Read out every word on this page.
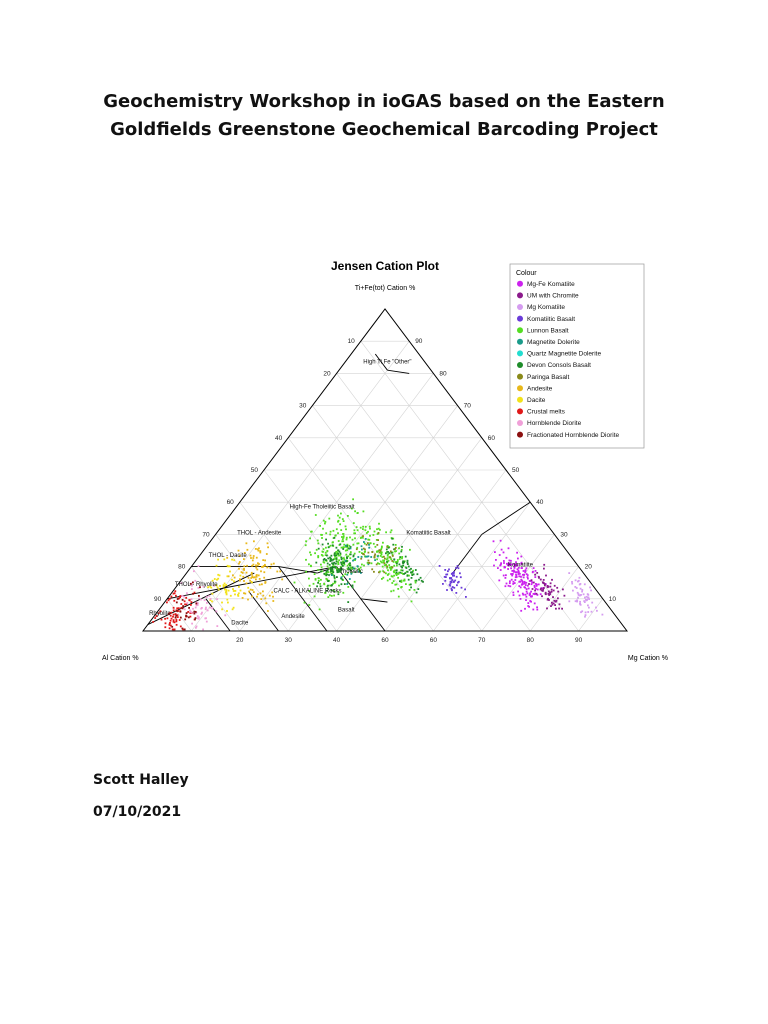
Geochemistry Workshop in ioGAS based on the Eastern
Goldfields Greenstone Geochemical Barcoding Project
Jensen Cation Plot
Ti+Fe(tot) Cation %
10
10
20
20
30
30
40
40
50	50
60
60
70
70
80
80
90
90
10	20	30	40	60	60	70	80	90
High Ti Fe "Other"
High-Fe Tholeiitic Basalt
THOL - Andesite
THOL - Dacite
THOL - Rhyolite
CALC - ALKALINE Rocks
Rhyolite
Dacite
Andesite
Basalt
Tholeiitic
Komatiitic Basalt
Komatiite
Al Cation %	Mg Cation %
Colour
Mg-Fe Komatiite
UM with Chromite
Mg Komatiite
Komatiitic Basalt
Lunnon Basalt
Magnetite Dolerite
Quartz Magnetite Dolerite
Devon Consols Basalt
Paringa Basalt
Andesite
Dacite
Crustal melts
Hornblende Diorite
Fractionated Hornblende Diorite
Scott Halley
07/10/2021
